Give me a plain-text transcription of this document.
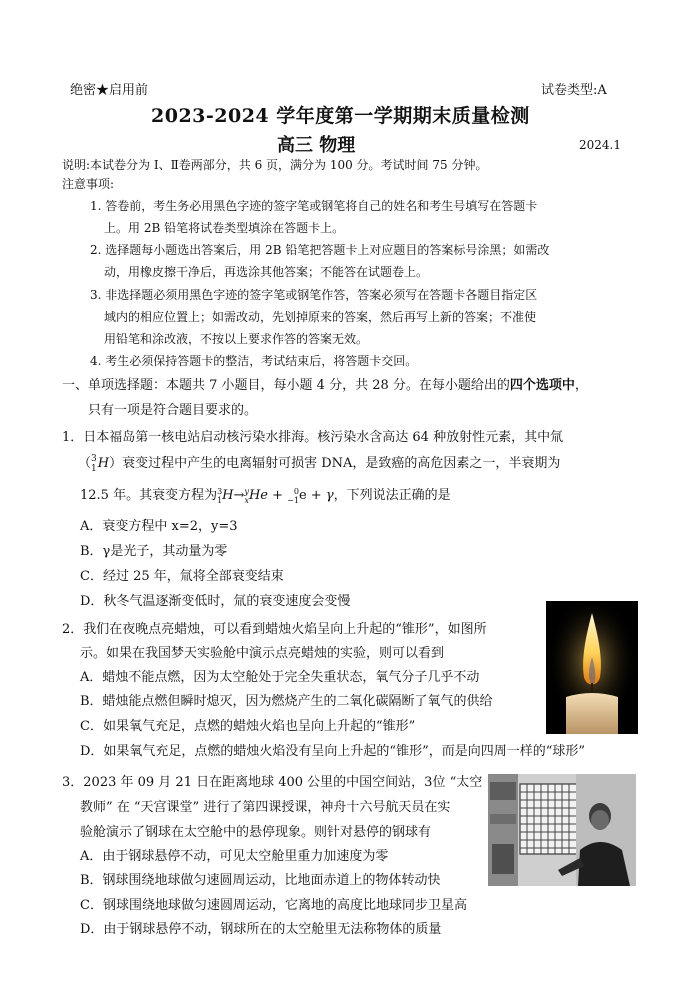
绝密★启用前	试卷类型:A
2023-2024 学年度第一学期期末质量检测
高三 物理	2024.1
说明:本试卷分为 Ⅰ、Ⅱ卷两部分，共 6 页，满分为 100 分。考试时间 75 分钟。
注意事项:
1. 答卷前，考生务必用黑色字迹的签字笔或钢笔将自己的姓名和考生号填写在答题卡
上。用 2B 铅笔将试卷类型填涂在答题卡上。
2. 选择题每小题选出答案后，用 2B 铅笔把答题卡上对应题目的答案标号涂黑；如需改
动，用橡皮擦干净后，再选涂其他答案；不能答在试题卷上。
3. 非选择题必须用黑色字迹的签字笔或钢笔作答，答案必须写在答题卡各题目指定区
域内的相应位置上；如需改动，先划掉原来的答案，然后再写上新的答案；不准使
用铅笔和涂改液，不按以上要求作答的答案无效。
4. 考生必须保持答题卡的整洁，考试结束后，将答题卡交回。
一、单项选择题：本题共 7 小题目，每小题 4 分，共 28 分。在每小题给出的四个选项中，
只有一项是符合题目要求的。
1．日本福岛第一核电站启动核污染水排海。核污染水含高达 64 种放射性元素，其中氚
（3
1H）衰变过程中产生的电离辐射可损害 DNA，是致癌的高危因素之一，半衰期为
12.5 年。其衰变方程为3
1H→y
xHe + 0
−1e + γ，下列说法正确的是
A．衰变方程中 x=2，y=3
B．γ是光子，其动量为零
C．经过 25 年，氚将全部衰变结束
D．秋冬气温逐渐变低时，氚的衰变速度会变慢
2．我们在夜晚点亮蜡烛，可以看到蜡烛火焰呈向上升起的“锥形”，如图所
示。如果在我国梦天实验舱中演示点亮蜡烛的实验，则可以看到
A．蜡烛不能点燃，因为太空舱处于完全失重状态，氧气分子几乎不动
B．蜡烛能点燃但瞬时熄灭，因为燃烧产生的二氧化碳隔断了氧气的供给
C．如果氧气充足，点燃的蜡烛火焰也呈向上升起的“锥形”
D．如果氧气充足，点燃的蜡烛火焰没有呈向上升起的“锥形”，而是向四周一样的“球形”
3．2023 年 09 月 21 日在距离地球 400 公里的中国空间站，3位 “太空
教师” 在 “天宫课堂” 进行了第四课授课，神舟十六号航天员在实
验舱演示了钢球在太空舱中的悬停现象。则针对悬停的钢球有
A．由于钢球悬停不动，可见太空舱里重力加速度为零
B．钢球围绕地球做匀速圆周运动，比地面赤道上的物体转动快
C．钢球围绕地球做匀速圆周运动，它离地的高度比地球同步卫星高
D．由于钢球悬停不动，钢球所在的太空舱里无法称物体的质量
